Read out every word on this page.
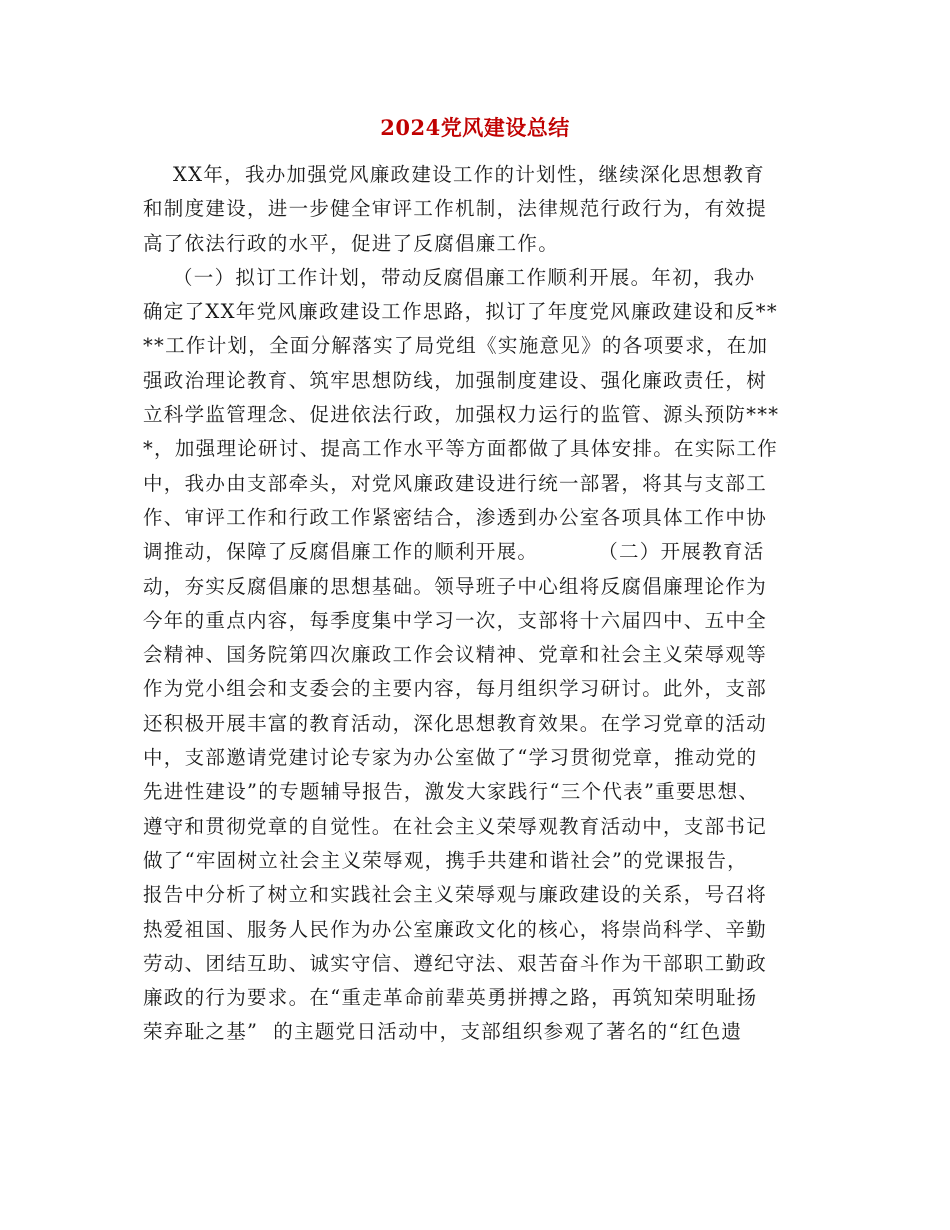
2024党风建设总结
XX年，我办加强党风廉政建设工作的计划性，继续深化思想教育
和制度建设，进一步健全审评工作机制，法律规范行政行为，有效提
高了依法行政的水平，促进了反腐倡廉工作。
（一）拟订工作计划，带动反腐倡廉工作顺利开展。年初，我办
确定了XX年党风廉政建设工作思路，拟订了年度党风廉政建设和反**
**工作计划，全面分解落实了局党组《实施意见》的各项要求，在加
强政治理论教育、筑牢思想防线，加强制度建设、强化廉政责任，树
立科学监管理念、促进依法行政，加强权力运行的监管、源头预防***
*，加强理论研讨、提高工作水平等方面都做了具体安排。在实际工作
中，我办由支部牵头，对党风廉政建设进行统一部署，将其与支部工
作、审评工作和行政工作紧密结合，渗透到办公室各项具体工作中协
调推动，保障了反腐倡廉工作的顺利开展。        （二）开展教育活
动，夯实反腐倡廉的思想基础。领导班子中心组将反腐倡廉理论作为
今年的重点内容，每季度集中学习一次，支部将十六届四中、五中全
会精神、国务院第四次廉政工作会议精神、党章和社会主义荣辱观等
作为党小组会和支委会的主要内容，每月组织学习研讨。此外，支部
还积极开展丰富的教育活动，深化思想教育效果。在学习党章的活动
中，支部邀请党建讨论专家为办公室做了“学习贯彻党章，推动党的
先进性建设”的专题辅导报告，激发大家践行“三个代表”重要思想、
遵守和贯彻党章的自觉性。在社会主义荣辱观教育活动中，支部书记
做了“牢固树立社会主义荣辱观，携手共建和谐社会”的党课报告，
报告中分析了树立和实践社会主义荣辱观与廉政建设的关系，号召将
热爱祖国、服务人民作为办公室廉政文化的核心，将崇尚科学、辛勤
劳动、团结互助、诚实守信、遵纪守法、艰苦奋斗作为干部职工勤政
廉政的行为要求。在“重走革命前辈英勇拼搏之路，再筑知荣明耻扬
荣弃耻之基”  的主题党日活动中，支部组织参观了著名的“红色遗
